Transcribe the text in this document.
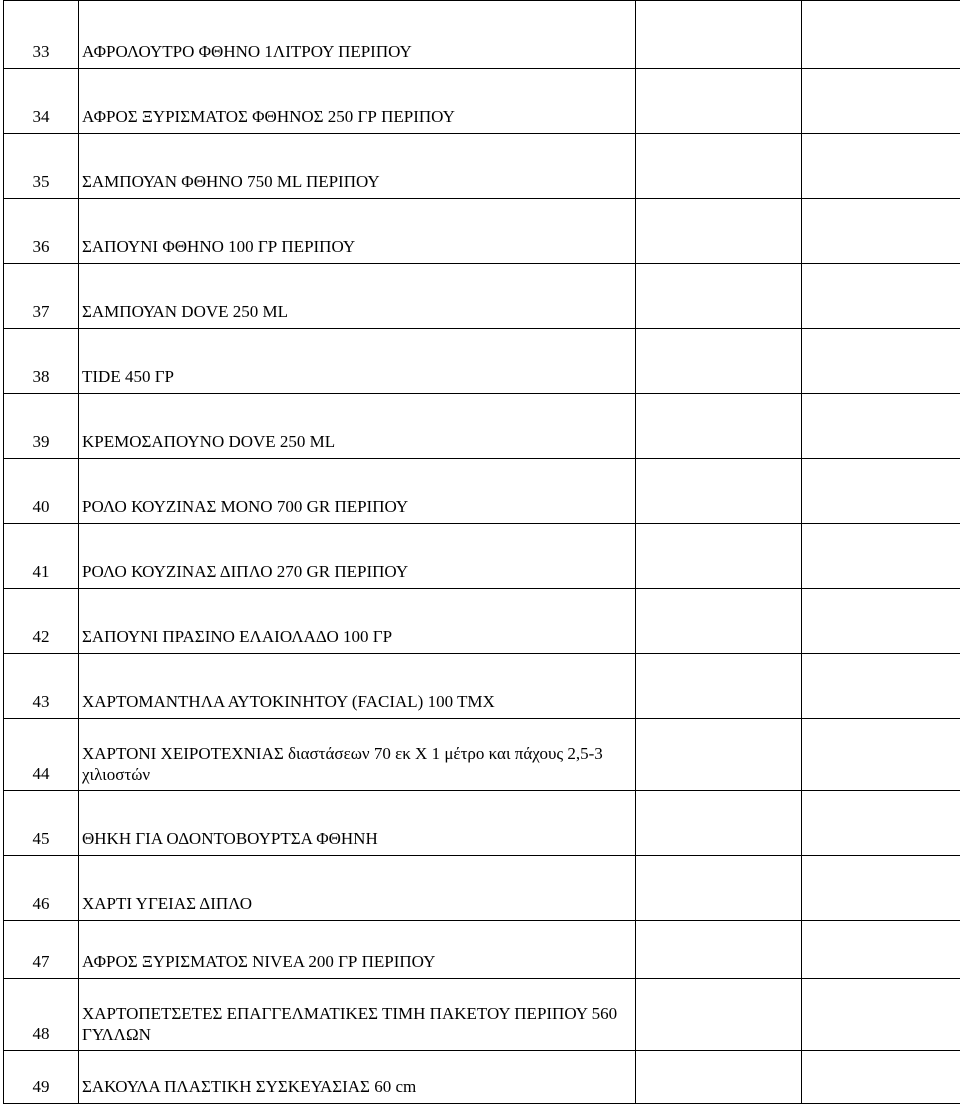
33	ΑΦΡΟΛΟΥΤΡΟ ΦΘΗΝΟ 1ΛΙΤΡΟΥ ΠΕΡΙΠΟΥ		
34	ΑΦΡΟΣ ΞΥΡΙΣΜΑΤΟΣ ΦΘΗΝΟΣ 250 ΓΡ ΠΕΡΙΠΟΥ		
35	ΣΑΜΠΟΥΑΝ ΦΘΗΝΟ 750 ML ΠΕΡΙΠΟΥ		
36	ΣΑΠΟΥΝΙ ΦΘΗΝΟ 100 ΓΡ ΠΕΡΙΠΟΥ		
37	ΣΑΜΠΟΥΑΝ DOVE 250 ML		
38	TIDE 450 ΓΡ		
39	ΚΡΕΜΟΣΑΠΟΥΝΟ DOVE 250 ML		
40	ΡΟΛΟ ΚΟΥΖΙΝΑΣ ΜΟΝΟ 700 GR ΠΕΡΙΠΟΥ		
41	ΡΟΛΟ ΚΟΥΖΙΝΑΣ ΔΙΠΛΟ 270 GR ΠΕΡΙΠΟΥ		
42	ΣΑΠΟΥΝΙ ΠΡΑΣΙΝΟ ΕΛΑΙΟΛΑΔΟ 100 ΓΡ		
43	ΧΑΡΤΟΜΑΝΤΗΛΑ ΑΥΤΟΚΙΝΗΤΟΥ (FACIAL) 100 ΤΜΧ		
44	ΧΑΡΤΟΝΙ ΧΕΙΡΟΤΕΧΝΙΑΣ διαστάσεων 70 εκ Χ 1 μέτρο και πάχους 2,5-3 χιλιοστών		
45	ΘΗΚΗ ΓΙΑ ΟΔΟΝΤΟΒΟΥΡΤΣΑ ΦΘΗΝΗ		
46	ΧΑΡΤΙ ΥΓΕΙΑΣ ΔΙΠΛΟ		
47	ΑΦΡΟΣ ΞΥΡΙΣΜΑΤΟΣ NIVEA 200 ΓΡ ΠΕΡΙΠΟΥ		
48	ΧΑΡΤΟΠΕΤΣΕΤΕΣ ΕΠΑΓΓΕΛΜΑΤΙΚΕΣ ΤΙΜΗ ΠΑΚΕΤΟΥ ΠΕΡΙΠΟΥ 560 ΓΥΛΛΩΝ		
49	ΣΑΚΟΥΛΑ ΠΛΑΣΤΙΚΗ ΣΥΣΚΕΥΑΣΙΑΣ 60 cm		
